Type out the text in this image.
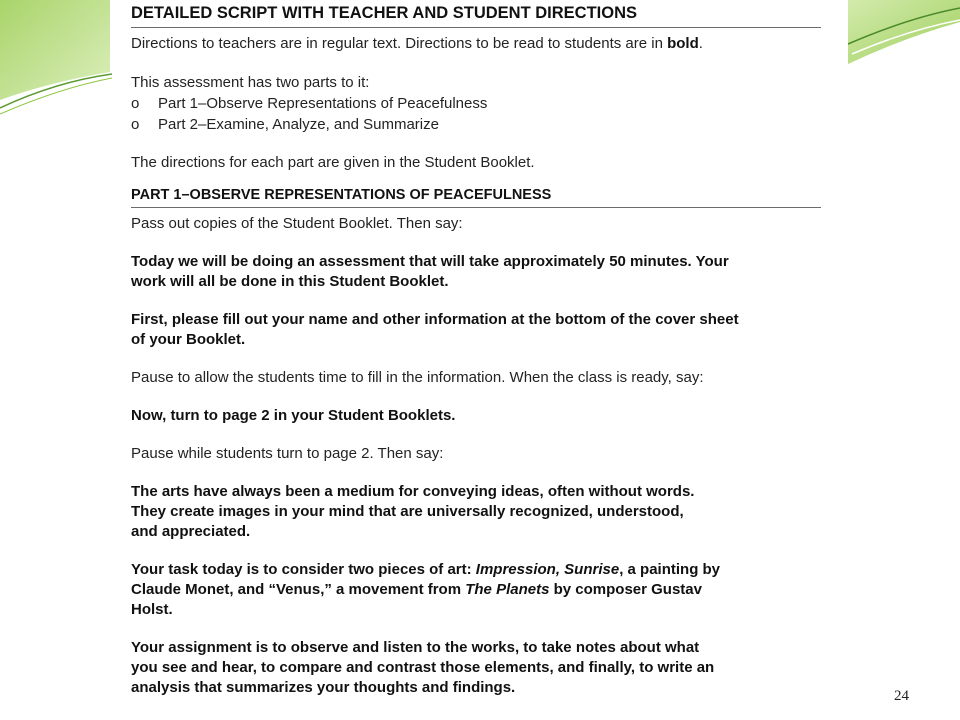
DETAILED SCRIPT WITH TEACHER AND STUDENT DIRECTIONS

Directions to teachers are in regular text. Directions to be read to students are in bold.

This assessment has two parts to it:

o	Part 1–Observe Representations of Peacefulness
o	Part 2–Examine, Analyze, and Summarize

The directions for each part are given in the Student Booklet.

PART 1–OBSERVE REPRESENTATIONS OF PEACEFULNESS

Pass out copies of the Student Booklet. Then say:

Today we will be doing an assessment that will take approximately 50 minutes. Your
work will all be done in this Student Booklet.

First, please fill out your name and other information at the bottom of the cover sheet
of your Booklet.

Pause to allow the students time to fill in the information. When the class is ready, say:

Now, turn to page 2 in your Student Booklets.

Pause while students turn to page 2. Then say:

The arts have always been a medium for conveying ideas, often without words.
They create images in your mind that are universally recognized, understood,
and appreciated.

Your task today is to consider two pieces of art: Impression, Sunrise, a painting by
Claude Monet, and “Venus,” a movement from The Planets by composer Gustav
Holst.

Your assignment is to observe and listen to the works, to take notes about what
you see and hear, to compare and contrast those elements, and finally, to write an
analysis that summarizes your thoughts and findings.	24
